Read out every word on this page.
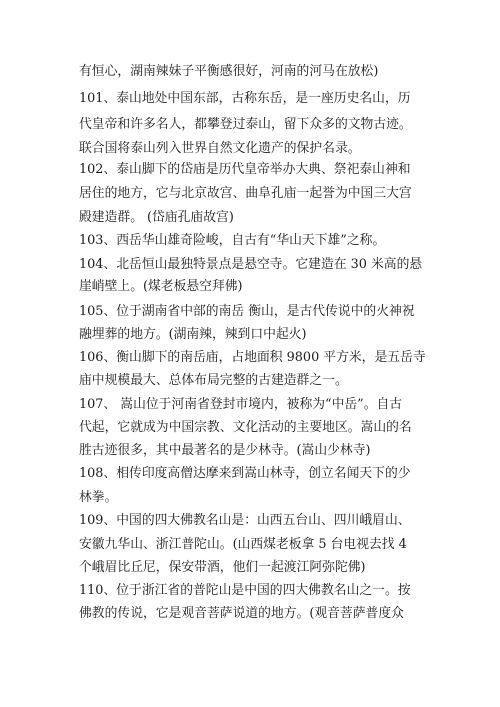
有恒心，湖南辣妹子平衡感很好，河南的河马在放松)

101、泰山地处中国东部，古称东岳，是一座历史名山，历

代皇帝和许多名人，都攀登过泰山，留下众多的文物古迹。

联合国将泰山列入世界自然文化遗产的保护名录。

102、泰山脚下的岱庙是历代皇帝举办大典、祭祀泰山神和

居住的地方，它与北京故宫、曲阜孔庙一起誉为中国三大宫

殿建造群。 (岱庙孔庙故宫)

103、西岳华山雄奇险峻，自古有“华山天下雄”之称。

104、北岳恒山最独特景点是悬空寺。它建造在 30 米高的悬

崖峭壁上。(煤老板悬空拜佛)

105、位于湖南省中部的南岳 衡山，是古代传说中的火神祝

融埋葬的地方。(湖南辣，辣到口中起火)

106、衡山脚下的南岳庙，占地面积 9800 平方米，是五岳寺

庙中规模最大、总体布局完整的古建造群之一。

107、 嵩山位于河南省登封市境内，被称为“中岳”。自古

代起，它就成为中国宗教、文化活动的主要地区。嵩山的名

胜古迹很多，其中最著名的是少林寺。(嵩山少林寺)

108、相传印度高僧达摩来到嵩山林寺，创立名闻天下的少

林拳。

109、中国的四大佛教名山是：山西五台山、四川峨眉山、

安徽九华山、浙江普陀山。(山西煤老板拿 5 台电视去找 4

个峨眉比丘尼，保安带酒，他们一起渡江阿弥陀佛)

110、位于浙江省的普陀山是中国的四大佛教名山之一。按

佛教的传说，它是观音菩萨说道的地方。(观音菩萨普度众
